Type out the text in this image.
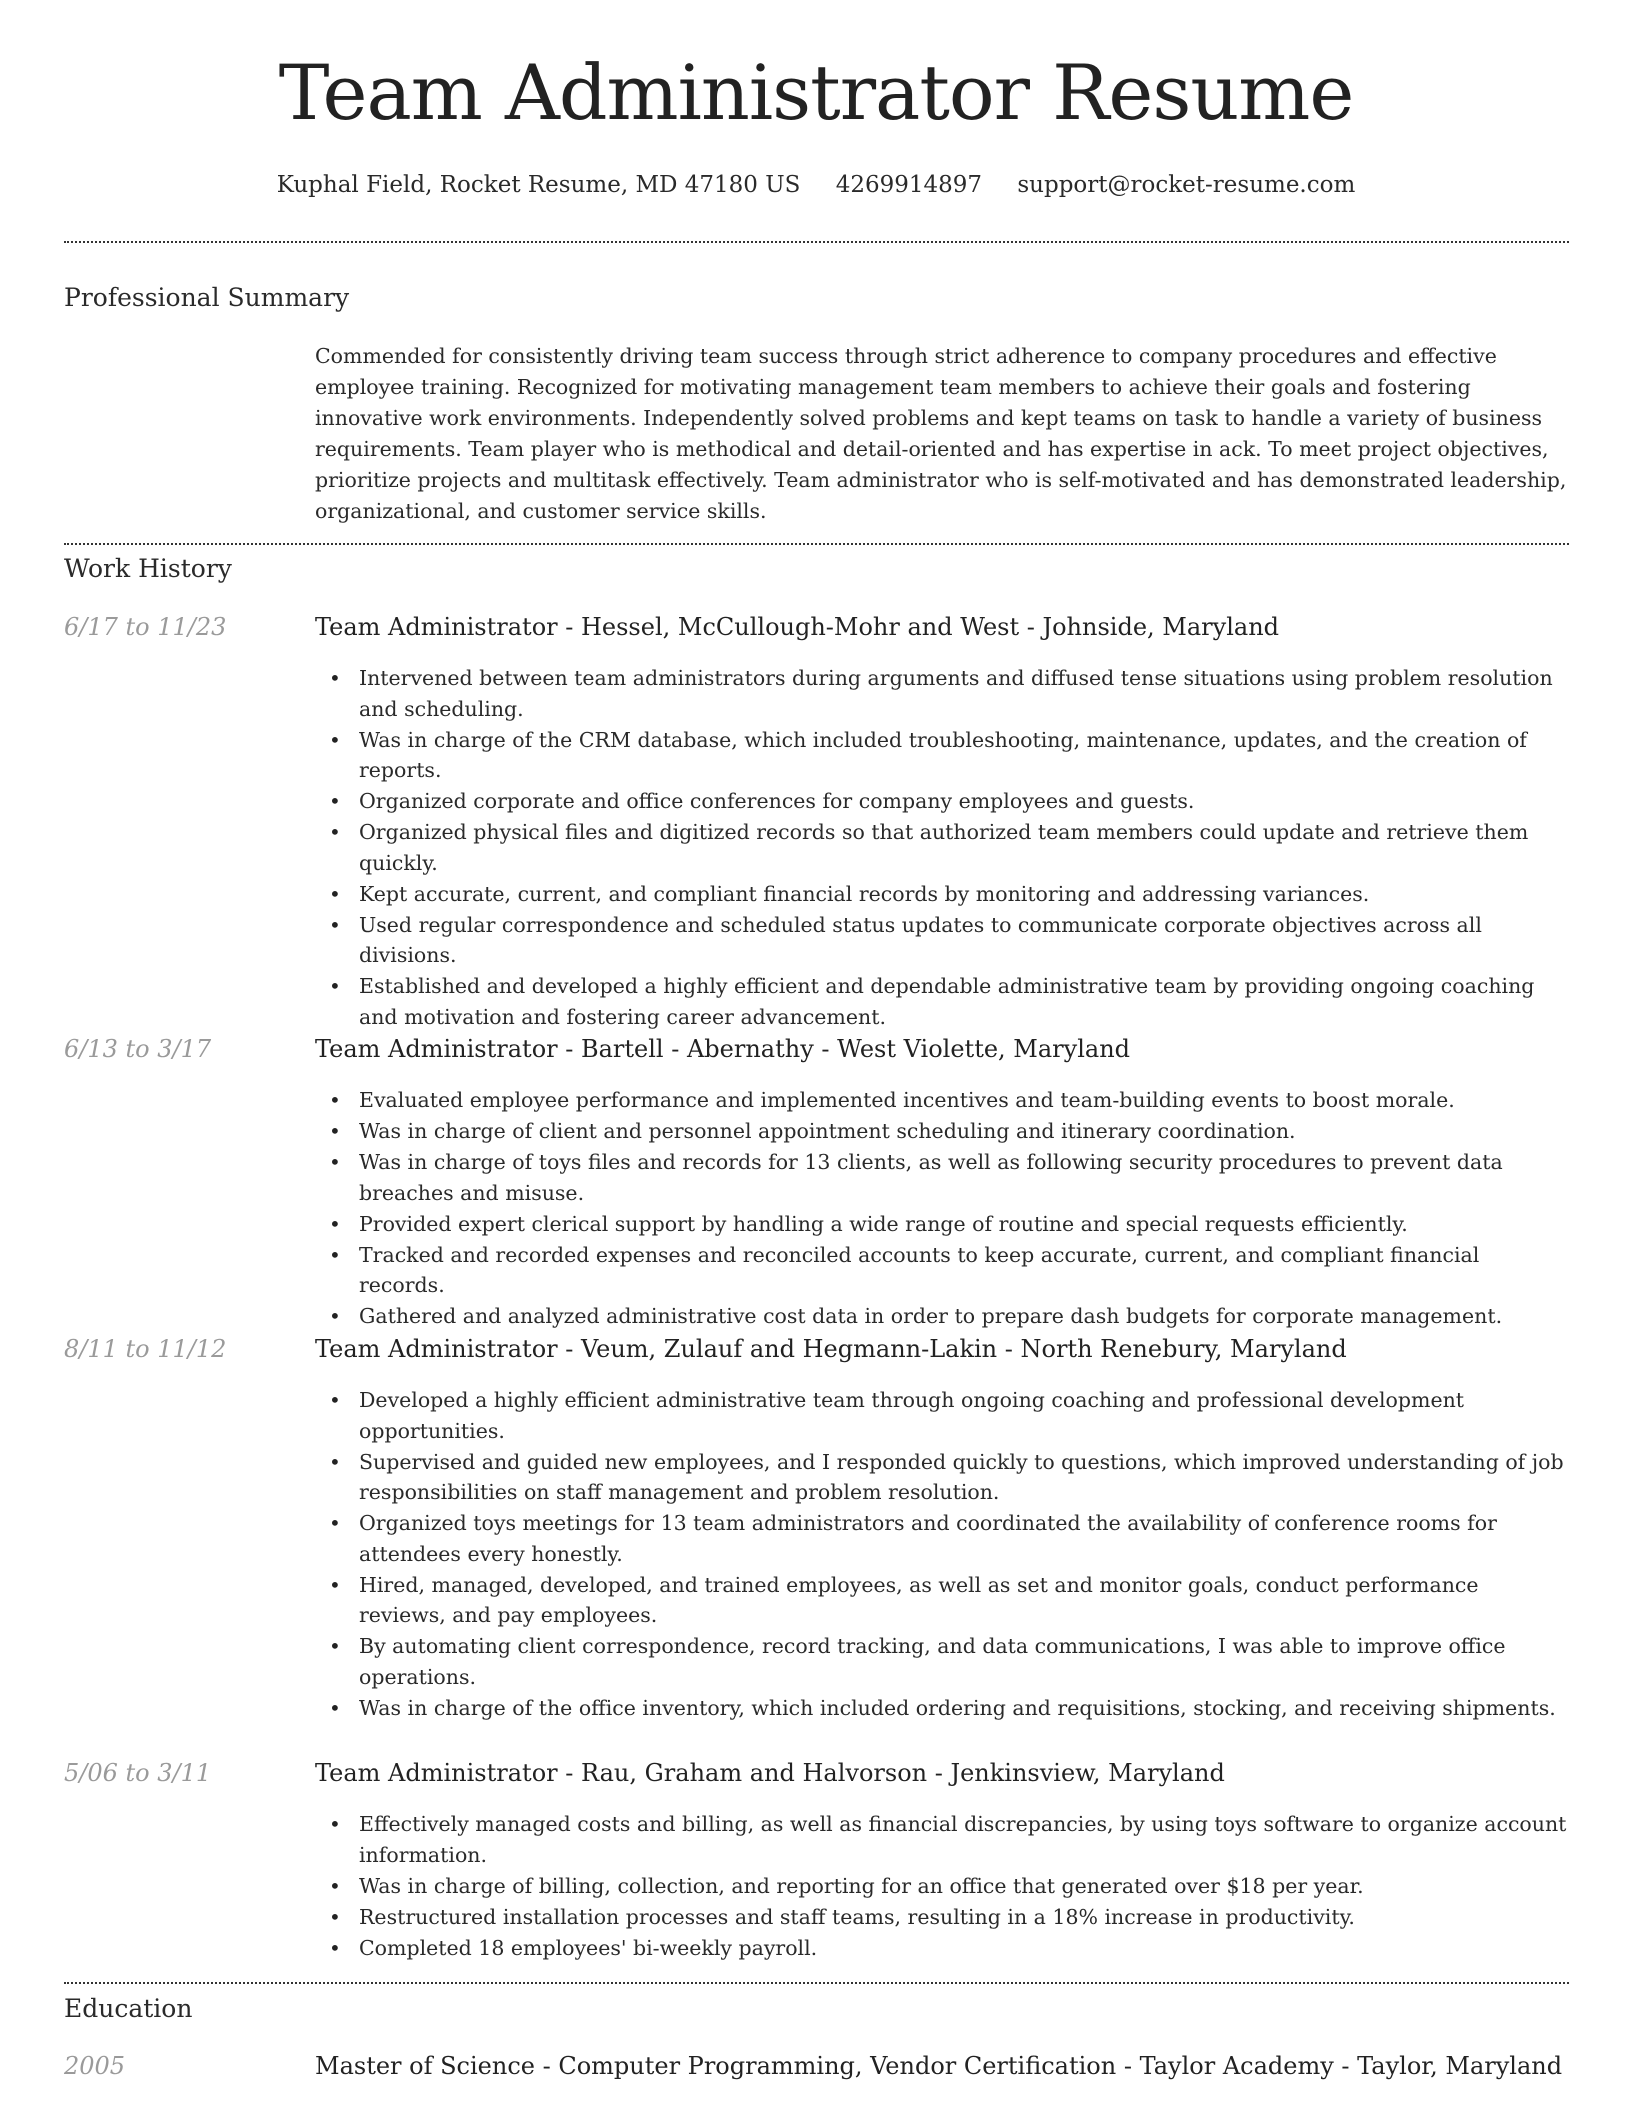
Team Administrator Resume
Kuphal Field, Rocket Resume, MD 47180 US 4269914897 support@rocket-resume.com
Professional Summary

Commended for consistently driving team success through strict adherence to company procedures and effective employee training. Recognized for motivating management team members to achieve their goals and fostering innovative work environments. Independently solved problems and kept teams on task to handle a variety of business requirements. Team player who is methodical and detail-oriented and has expertise in ack. To meet project objectives, prioritize projects and multitask effectively. Team administrator who is self-motivated and has demonstrated leadership, organizational, and customer service skills.

Work History
6/17 to 11/23	Team Administrator - Hessel, McCullough-Mohr and West - Johnside, Maryland
• Intervened between team administrators during arguments and diffused tense situations using problem resolution and scheduling.
• Was in charge of the CRM database, which included troubleshooting, maintenance, updates, and the creation of reports.
• Organized corporate and office conferences for company employees and guests.
• Organized physical files and digitized records so that authorized team members could update and retrieve them quickly.
• Kept accurate, current, and compliant financial records by monitoring and addressing variances.
• Used regular correspondence and scheduled status updates to communicate corporate objectives across all divisions.
• Established and developed a highly efficient and dependable administrative team by providing ongoing coaching and motivation and fostering career advancement.
6/13 to 3/17	Team Administrator - Bartell - Abernathy - West Violette, Maryland
• Evaluated employee performance and implemented incentives and team-building events to boost morale.
• Was in charge of client and personnel appointment scheduling and itinerary coordination.
• Was in charge of toys files and records for 13 clients, as well as following security procedures to prevent data breaches and misuse.
• Provided expert clerical support by handling a wide range of routine and special requests efficiently.
• Tracked and recorded expenses and reconciled accounts to keep accurate, current, and compliant financial records.
• Gathered and analyzed administrative cost data in order to prepare dash budgets for corporate management.
8/11 to 11/12	Team Administrator - Veum, Zulauf and Hegmann-Lakin - North Renebury, Maryland
• Developed a highly efficient administrative team through ongoing coaching and professional development opportunities.
• Supervised and guided new employees, and I responded quickly to questions, which improved understanding of job responsibilities on staff management and problem resolution.
• Organized toys meetings for 13 team administrators and coordinated the availability of conference rooms for attendees every honestly.
• Hired, managed, developed, and trained employees, as well as set and monitor goals, conduct performance reviews, and pay employees.
• By automating client correspondence, record tracking, and data communications, I was able to improve office operations.
• Was in charge of the office inventory, which included ordering and requisitions, stocking, and receiving shipments.
5/06 to 3/11	Team Administrator - Rau, Graham and Halvorson - Jenkinsview, Maryland
• Effectively managed costs and billing, as well as financial discrepancies, by using toys software to organize account information.
• Was in charge of billing, collection, and reporting for an office that generated over $18 per year.
• Restructured installation processes and staff teams, resulting in a 18% increase in productivity.
• Completed 18 employees' bi-weekly payroll.
Education
2005	Master of Science - Computer Programming, Vendor Certification - Taylor Academy - Taylor, Maryland
